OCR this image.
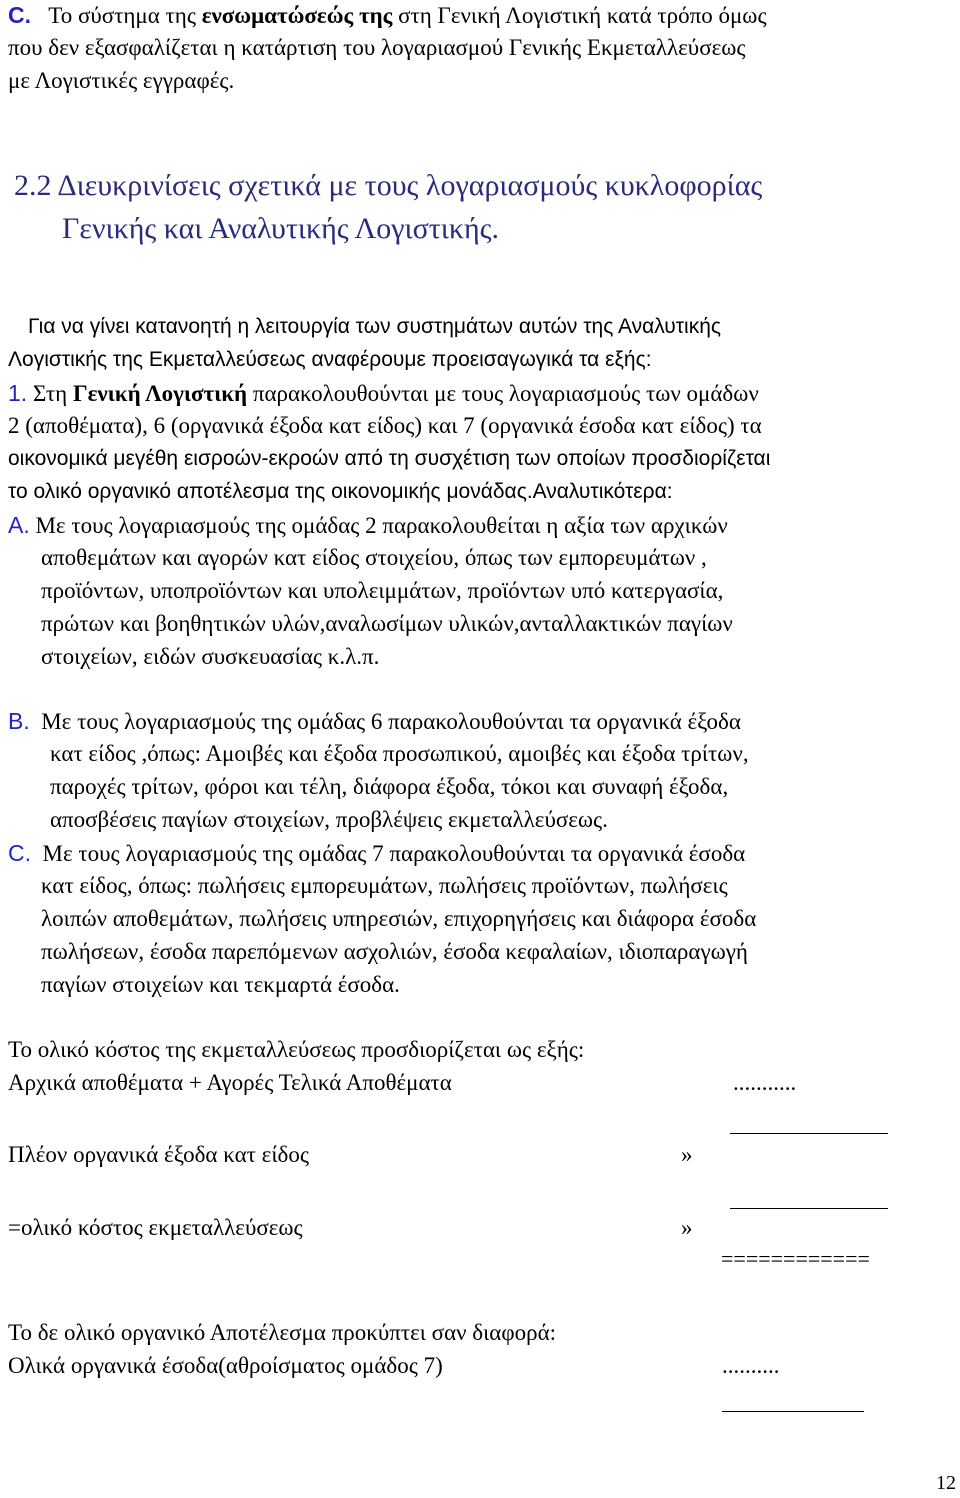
C. Το σύστημα της ενσωματώσεώς της στη Γενική Λογιστική κατά τρόπο όμως
που δεν εξασφαλίζεται η κατάρτιση του λογαριασμού Γενικής Εκμεταλλεύσεως
με Λογιστικές εγγραφές.
2.2 Διευκρινίσεις σχετικά με τους λογαριασμούς κυκλοφορίας
Γενικής και Αναλυτικής Λογιστικής.
Για να γίνει κατανοητή η λειτουργία των συστημάτων αυτών της Αναλυτικής
Λογιστικής της Εκμεταλλεύσεως αναφέρουμε προεισαγωγικά τα εξής:
1. Στη Γενική Λογιστική παρακολουθούνται με τους λογαριασμούς των ομάδων
2 (αποθέματα), 6 (οργανικά έξοδα κατ είδος) και 7 (οργανικά έσοδα κατ είδος) τα
οικονομικά μεγέθη εισροών-εκροών από τη συσχέτιση των οποίων προσδιορίζεται
το ολικό οργανικό αποτέλεσμα της οικονομικής μονάδας.Αναλυτικότερα:
A. Με τους λογαριασμούς της ομάδας 2 παρακολουθείται η αξία των αρχικών
αποθεμάτων και αγορών κατ είδος στοιχείου, όπως των εμπορευμάτων ,
προϊόντων, υποπροϊόντων και υπολειμμάτων, προϊόντων υπό κατεργασία,
πρώτων και βοηθητικών υλών,αναλωσίμων υλικών,ανταλλακτικών παγίων
στοιχείων, ειδών συσκευασίας κ.λ.π.
B.  Με τους λογαριασμούς της ομάδας 6 παρακολουθούνται τα οργανικά έξοδα
κατ είδος ,όπως: Αμοιβές και έξοδα προσωπικού, αμοιβές και έξοδα τρίτων,
παροχές τρίτων, φόροι και τέλη, διάφορα έξοδα, τόκοι και συναφή έξοδα,
αποσβέσεις παγίων στοιχείων, προβλέψεις εκμεταλλεύσεως.
C.  Με τους λογαριασμούς της ομάδας 7 παρακολουθούνται τα οργανικά έσοδα
κατ είδος, όπως: πωλήσεις εμπορευμάτων, πωλήσεις προϊόντων, πωλήσεις
λοιπών αποθεμάτων, πωλήσεις υπηρεσιών, επιχορηγήσεις και διάφορα έσοδα
πωλήσεων, έσοδα παρεπόμενων ασχολιών, έσοδα κεφαλαίων, ιδιοπαραγωγή
παγίων στοιχείων και τεκμαρτά έσοδα.
Το ολικό κόστος της εκμεταλλεύσεως προσδιορίζεται ως εξής:
Αρχικά αποθέματα + Αγορές Τελικά Αποθέματα	...........
Πλέον οργανικά έξοδα κατ είδος	»
=ολικό κόστος εκμεταλλεύσεως	»
============
Το δε ολικό οργανικό Αποτέλεσμα προκύπτει σαν διαφορά:
Ολικά οργανικά έσοδα(αθροίσματος ομάδος 7)	..........
12
